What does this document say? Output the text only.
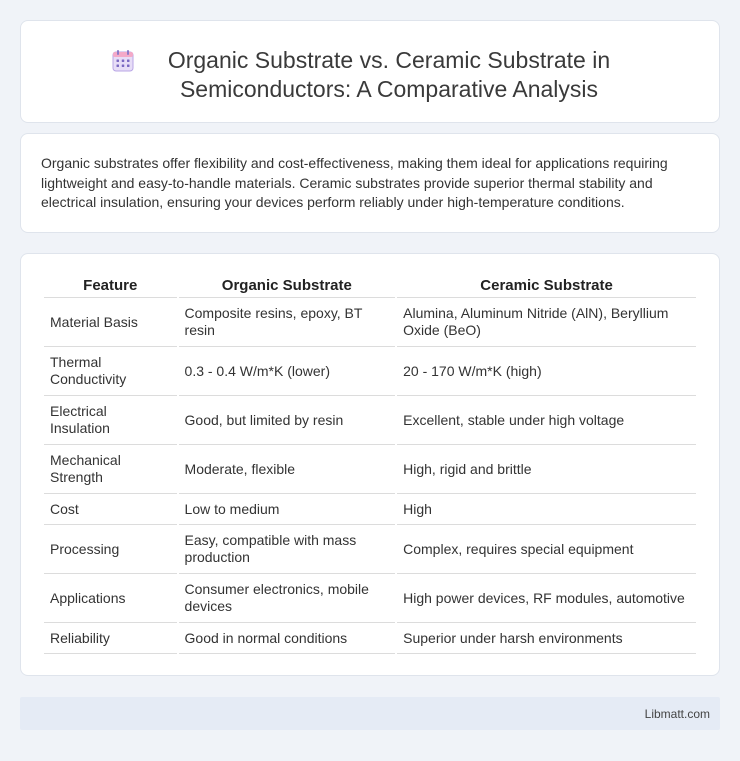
Organic Substrate vs. Ceramic Substrate in Semiconductors: A Comparative Analysis

Organic substrates offer flexibility and cost-effectiveness, making them ideal for applications requiring lightweight and easy-to-handle materials. Ceramic substrates provide superior thermal stability and electrical insulation, ensuring your devices perform reliably under high-temperature conditions.

Feature	Organic Substrate	Ceramic Substrate
Material Basis	Composite resins, epoxy, BT resin	Alumina, Aluminum Nitride (AlN), Beryllium Oxide (BeO)
Thermal Conductivity	0.3 - 0.4 W/m*K (lower)	20 - 170 W/m*K (high)
Electrical Insulation	Good, but limited by resin	Excellent, stable under high voltage
Mechanical Strength	Moderate, flexible	High, rigid and brittle
Cost	Low to medium	High
Processing	Easy, compatible with mass production	Complex, requires special equipment
Applications	Consumer electronics, mobile devices	High power devices, RF modules, automotive
Reliability	Good in normal conditions	Superior under harsh environments
Libmatt.com
